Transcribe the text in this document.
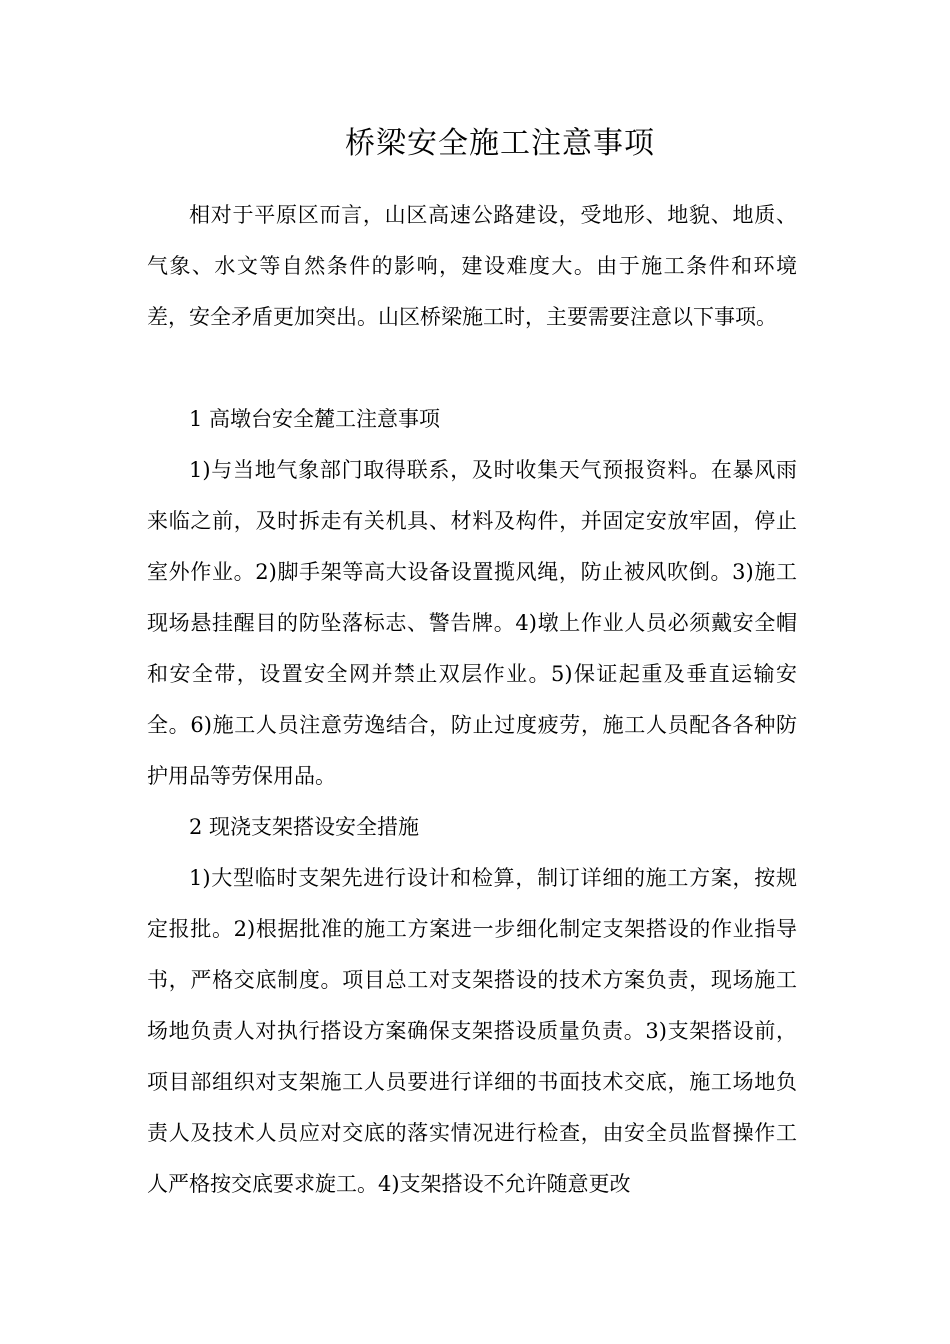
桥梁安全施工注意事项

相对于平原区而言，山区高速公路建设，受地形、地貌、地质、气象、水文等自然条件的影响，建设难度大。由于施工条件和环境差，安全矛盾更加突出。山区桥梁施工时，主要需要注意以下事项。

1 高墩台安全麓工注意事项

1)与当地气象部门取得联系，及时收集天气预报资料。在暴风雨来临之前，及时拆走有关机具、材料及构件，并固定安放牢固，停止室外作业。2)脚手架等高大设备设置揽风绳，防止被风吹倒。3)施工现场悬挂醒目的防坠落标志、警告牌。4)墩上作业人员必须戴安全帽和安全带，设置安全网并禁止双层作业。5)保证起重及垂直运输安全。6)施工人员注意劳逸结合，防止过度疲劳，施工人员配各各种防护用品等劳保用品。

2 现浇支架搭设安全措施

1)大型临时支架先进行设计和检算，制订详细的施工方案，按规定报批。2)根据批准的施工方案进一步细化制定支架搭设的作业指导书，严格交底制度。项目总工对支架搭设的技术方案负责，现场施工场地负责人对执行搭设方案确保支架搭设质量负责。3)支架搭设前，项目部组织对支架施工人员要进行详细的书面技术交底，施工场地负责人及技术人员应对交底的落实情况进行检查，由安全员监督操作工人严格按交底要求旋工。4)支架搭设不允许随意更改
